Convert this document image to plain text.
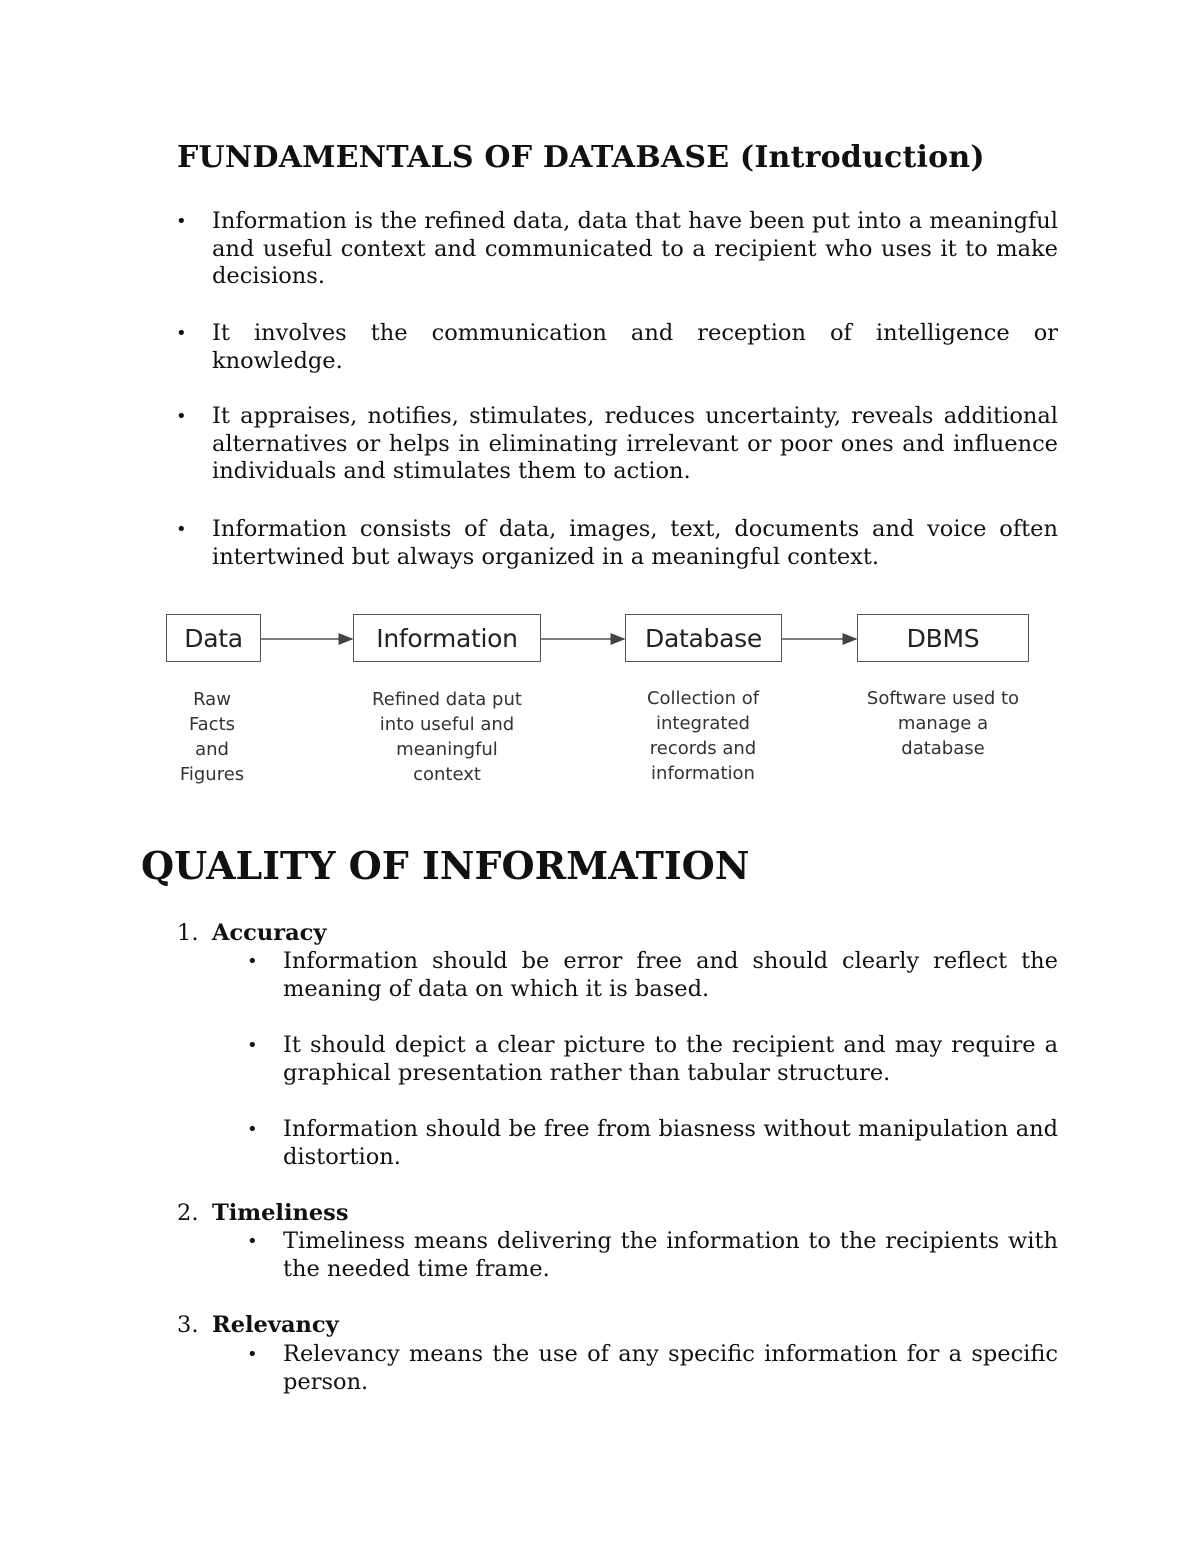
FUNDAMENTALS OF DATABASE (Introduction)
•
Information is the refined data, data that have been put into a meaningful and useful context and communicated to a recipient who uses it to make decisions.
•
It involves the communication and reception of intelligence or knowledge.
•
It appraises, notifies, stimulates, reduces uncertainty, reveals additional alternatives or helps in eliminating irrelevant or poor ones and influence individuals and stimulates them to action.
•
Information consists of data, images, text, documents and voice often intertwined but always organized in a meaningful context.
Data	Information	Database	DBMS
Raw
Facts
and
Figures
Refined data put
into useful and
meaningful
context
Collection of
integrated
records and
information
Software used to
manage a
database
QUALITY OF INFORMATION
1. Accuracy
•
Information should be error free and should clearly reflect the meaning of data on which it is based.
•
It should depict a clear picture to the recipient and may require a graphical presentation rather than tabular structure.
•
Information should be free from biasness without manipulation and distortion.
2. Timeliness
•
Timeliness means delivering the information to the recipients with the needed time frame.
3. Relevancy
•
Relevancy means the use of any specific information for a specific person.
